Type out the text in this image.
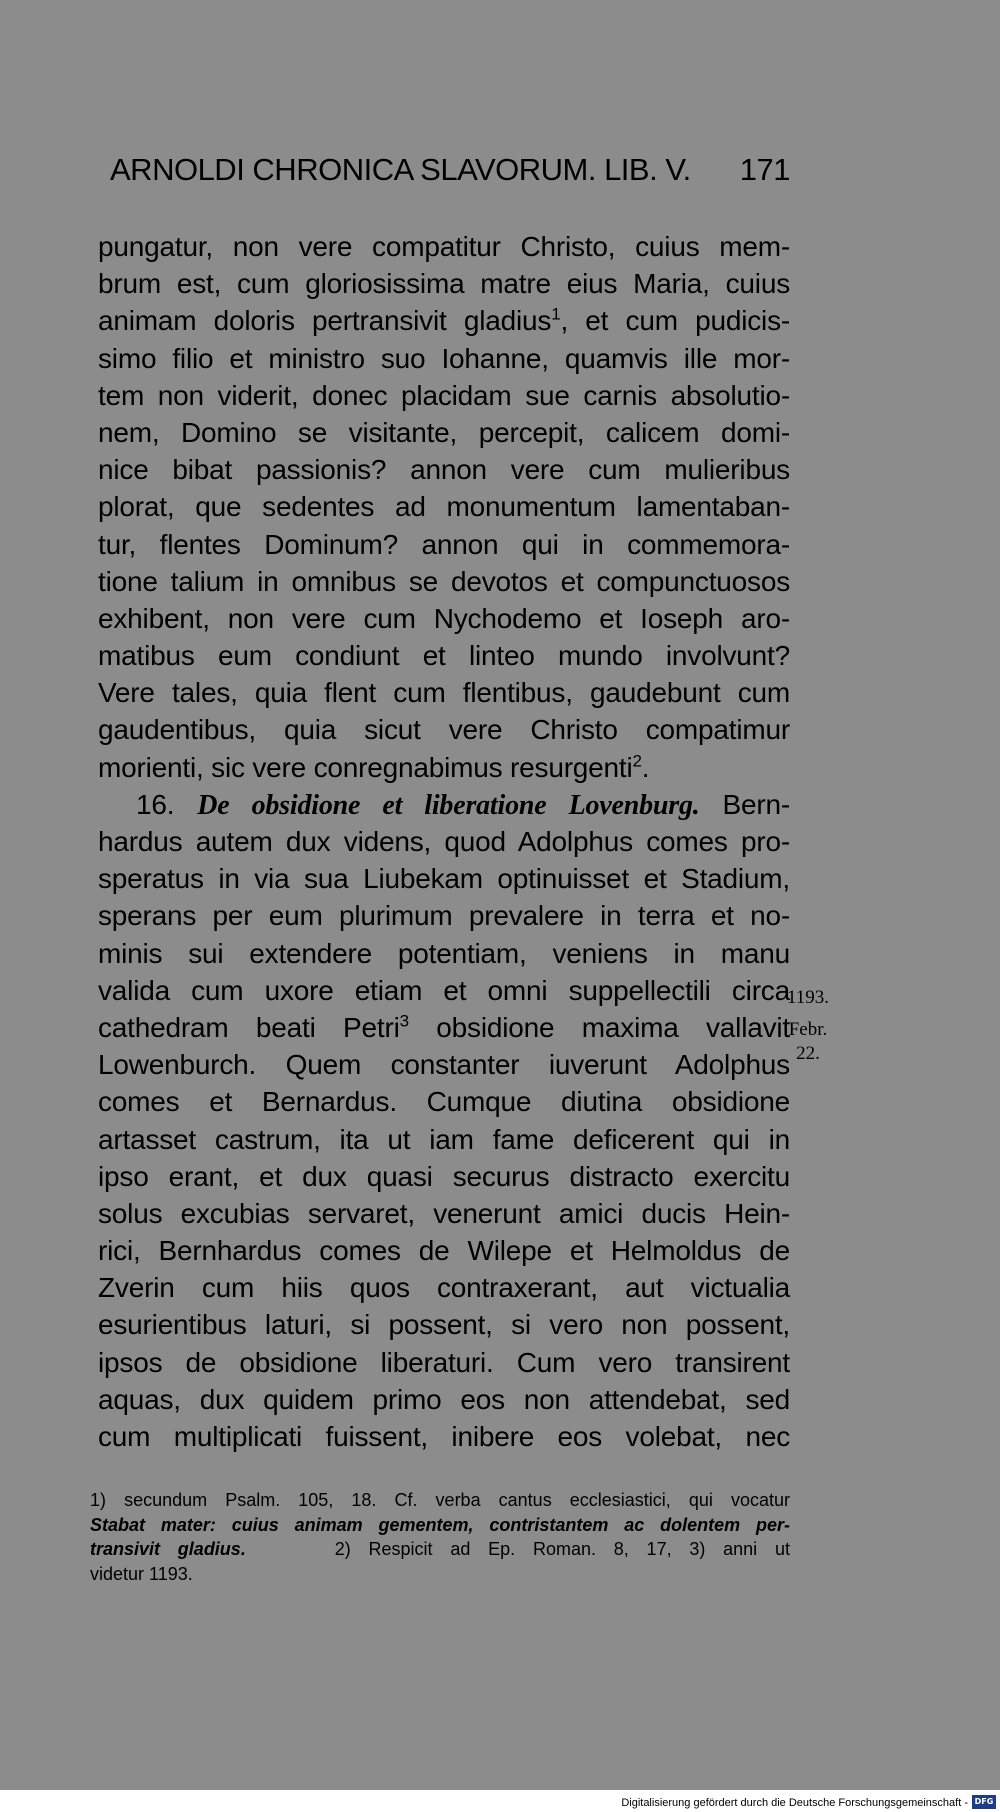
ARNOLDI CHRONICA SLAVORUM. LIB. V. 171
pungatur, non vere compatitur Christo, cuius mem-
brum est, cum gloriosissima matre eius Maria, cuius
animam doloris pertransivit gladius$^1$, et cum pudicis-
simo filio et ministro suo Iohanne, quamvis ille mor-
tem non viderit, donec placidam sue carnis absolutio-
nem, Domino se visitante, percepit, calicem domi-
nice bibat passionis? annon vere cum mulieribus
plorat, que sedentes ad monumentum lamentaban-
tur, flentes Dominum? annon qui in commemora-
tione talium in omnibus se devotos et compunctuosos
exhibent, non vere cum Nychodemo et Ioseph aro-
matibus eum condiunt et linteo mundo involvunt?
Vere tales, quia flent cum flentibus, gaudebunt cum
gaudentibus, quia sicut vere Christo compatimur
morienti, sic vere conregnabimus resurgenti$^2$.
16. De obsidione et liberatione Lovenburg. Bern-
hardus autem dux videns, quod Adolphus comes pro-
speratus in via sua Liubekam optinuisset et Stadium,
sperans per eum plurimum prevalere in terra et no-
minis sui extendere potentiam, veniens in manu
valida cum uxore etiam et omni suppellectili circa
cathedram beati Petri$^3$ obsidione maxima vallavit
Lowenburch. Quem constanter iuverunt Adolphus
comes et Bernardus. Cumque diutina obsidione
artasset castrum, ita ut iam fame deficerent qui in
ipso erant, et dux quasi securus distracto exercitu
solus excubias servaret, venerunt amici ducis Hein-
rici, Bernhardus comes de Wilepe et Helmoldus de
Zverin cum hiis quos contraxerant, aut victualia
esurientibus laturi, si possent, si vero non possent,
ipsos de obsidione liberaturi. Cum vero transirent
aquas, dux quidem primo eos non attendebat, sed
cum multiplicati fuissent, inibere eos volebat, nec
1193.
Febr.
22.
1) secundum Psalm. 105, 18. Cf. verba cantus ecclesiastici, qui vocatur
Stabat mater: cuius animam gementem, contristantem ac dolentem per-
transivit gladius.	2) Respicit ad Ep. Roman. 8, 17, 3) anni ut
videtur 1193.
Digitalisierung gefördert durch die Deutsche Forschungsgemeinschaft - DFG
